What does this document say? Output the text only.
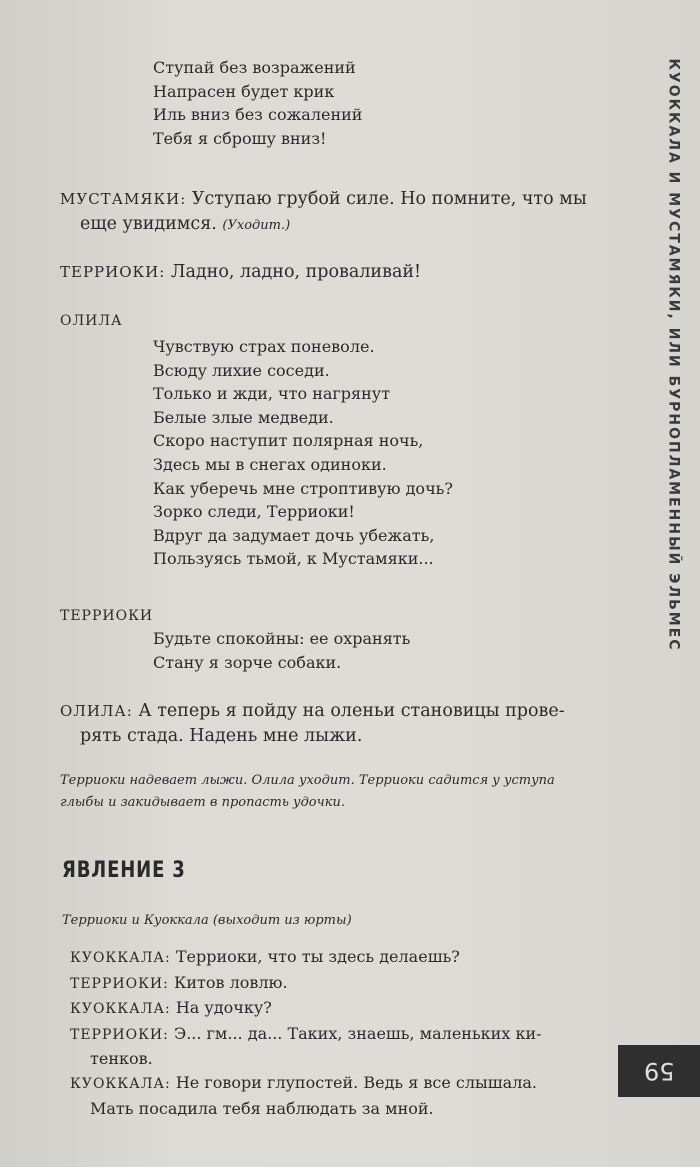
Ступай без возражений
Напрасен будет крик
Иль вниз без сожалений
Тебя я сброшу вниз!
МУСТАМЯКИ: Уступаю грубой силе. Но помните, что мы
еще увидимся. (Уходит.)
ТЕРРИОКИ: Ладно, ладно, проваливай!
ОЛИЛА
Чувствую страх поневоле.
Всюду лихие соседи.
Только и жди, что нагрянут
Белые злые медведи.
Скоро наступит полярная ночь,
Здесь мы в снегах одиноки.
Как уберечь мне строптивую дочь?
Зорко следи, Терриоки!
Вдруг да задумает дочь убежать,
Пользуясь тьмой, к Мустамяки...
ТЕРРИОКИ
Будьте спокойны: ее охранять
Стану я зорче собаки.
ОЛИЛА: А теперь я пойду на оленьи становицы прове-
рять стада. Надень мне лыжи.
Терриоки надевает лыжи. Олила уходит. Терриоки садится у уступа
глыбы и закидывает в пропасть удочки.
ЯВЛЕНИЕ 3
Терриоки и Куоккала (выходит из юрты)
КУОККАЛА: Терриоки, что ты здесь делаешь?
ТЕРРИОКИ: Китов ловлю.
КУОККАЛА: На удочку?
ТЕРРИОКИ: Э... гм... да... Таких, знаешь, маленьких ки-
тенков.
КУОККАЛА: Не говори глупостей. Ведь я все слышала.
Мать посадила тебя наблюдать за мной.
КУОККАЛА И МУСТАМЯКИ, ИЛИ БУРНОПЛАМЕННЫЙ ЭЛЬМЕС
59
